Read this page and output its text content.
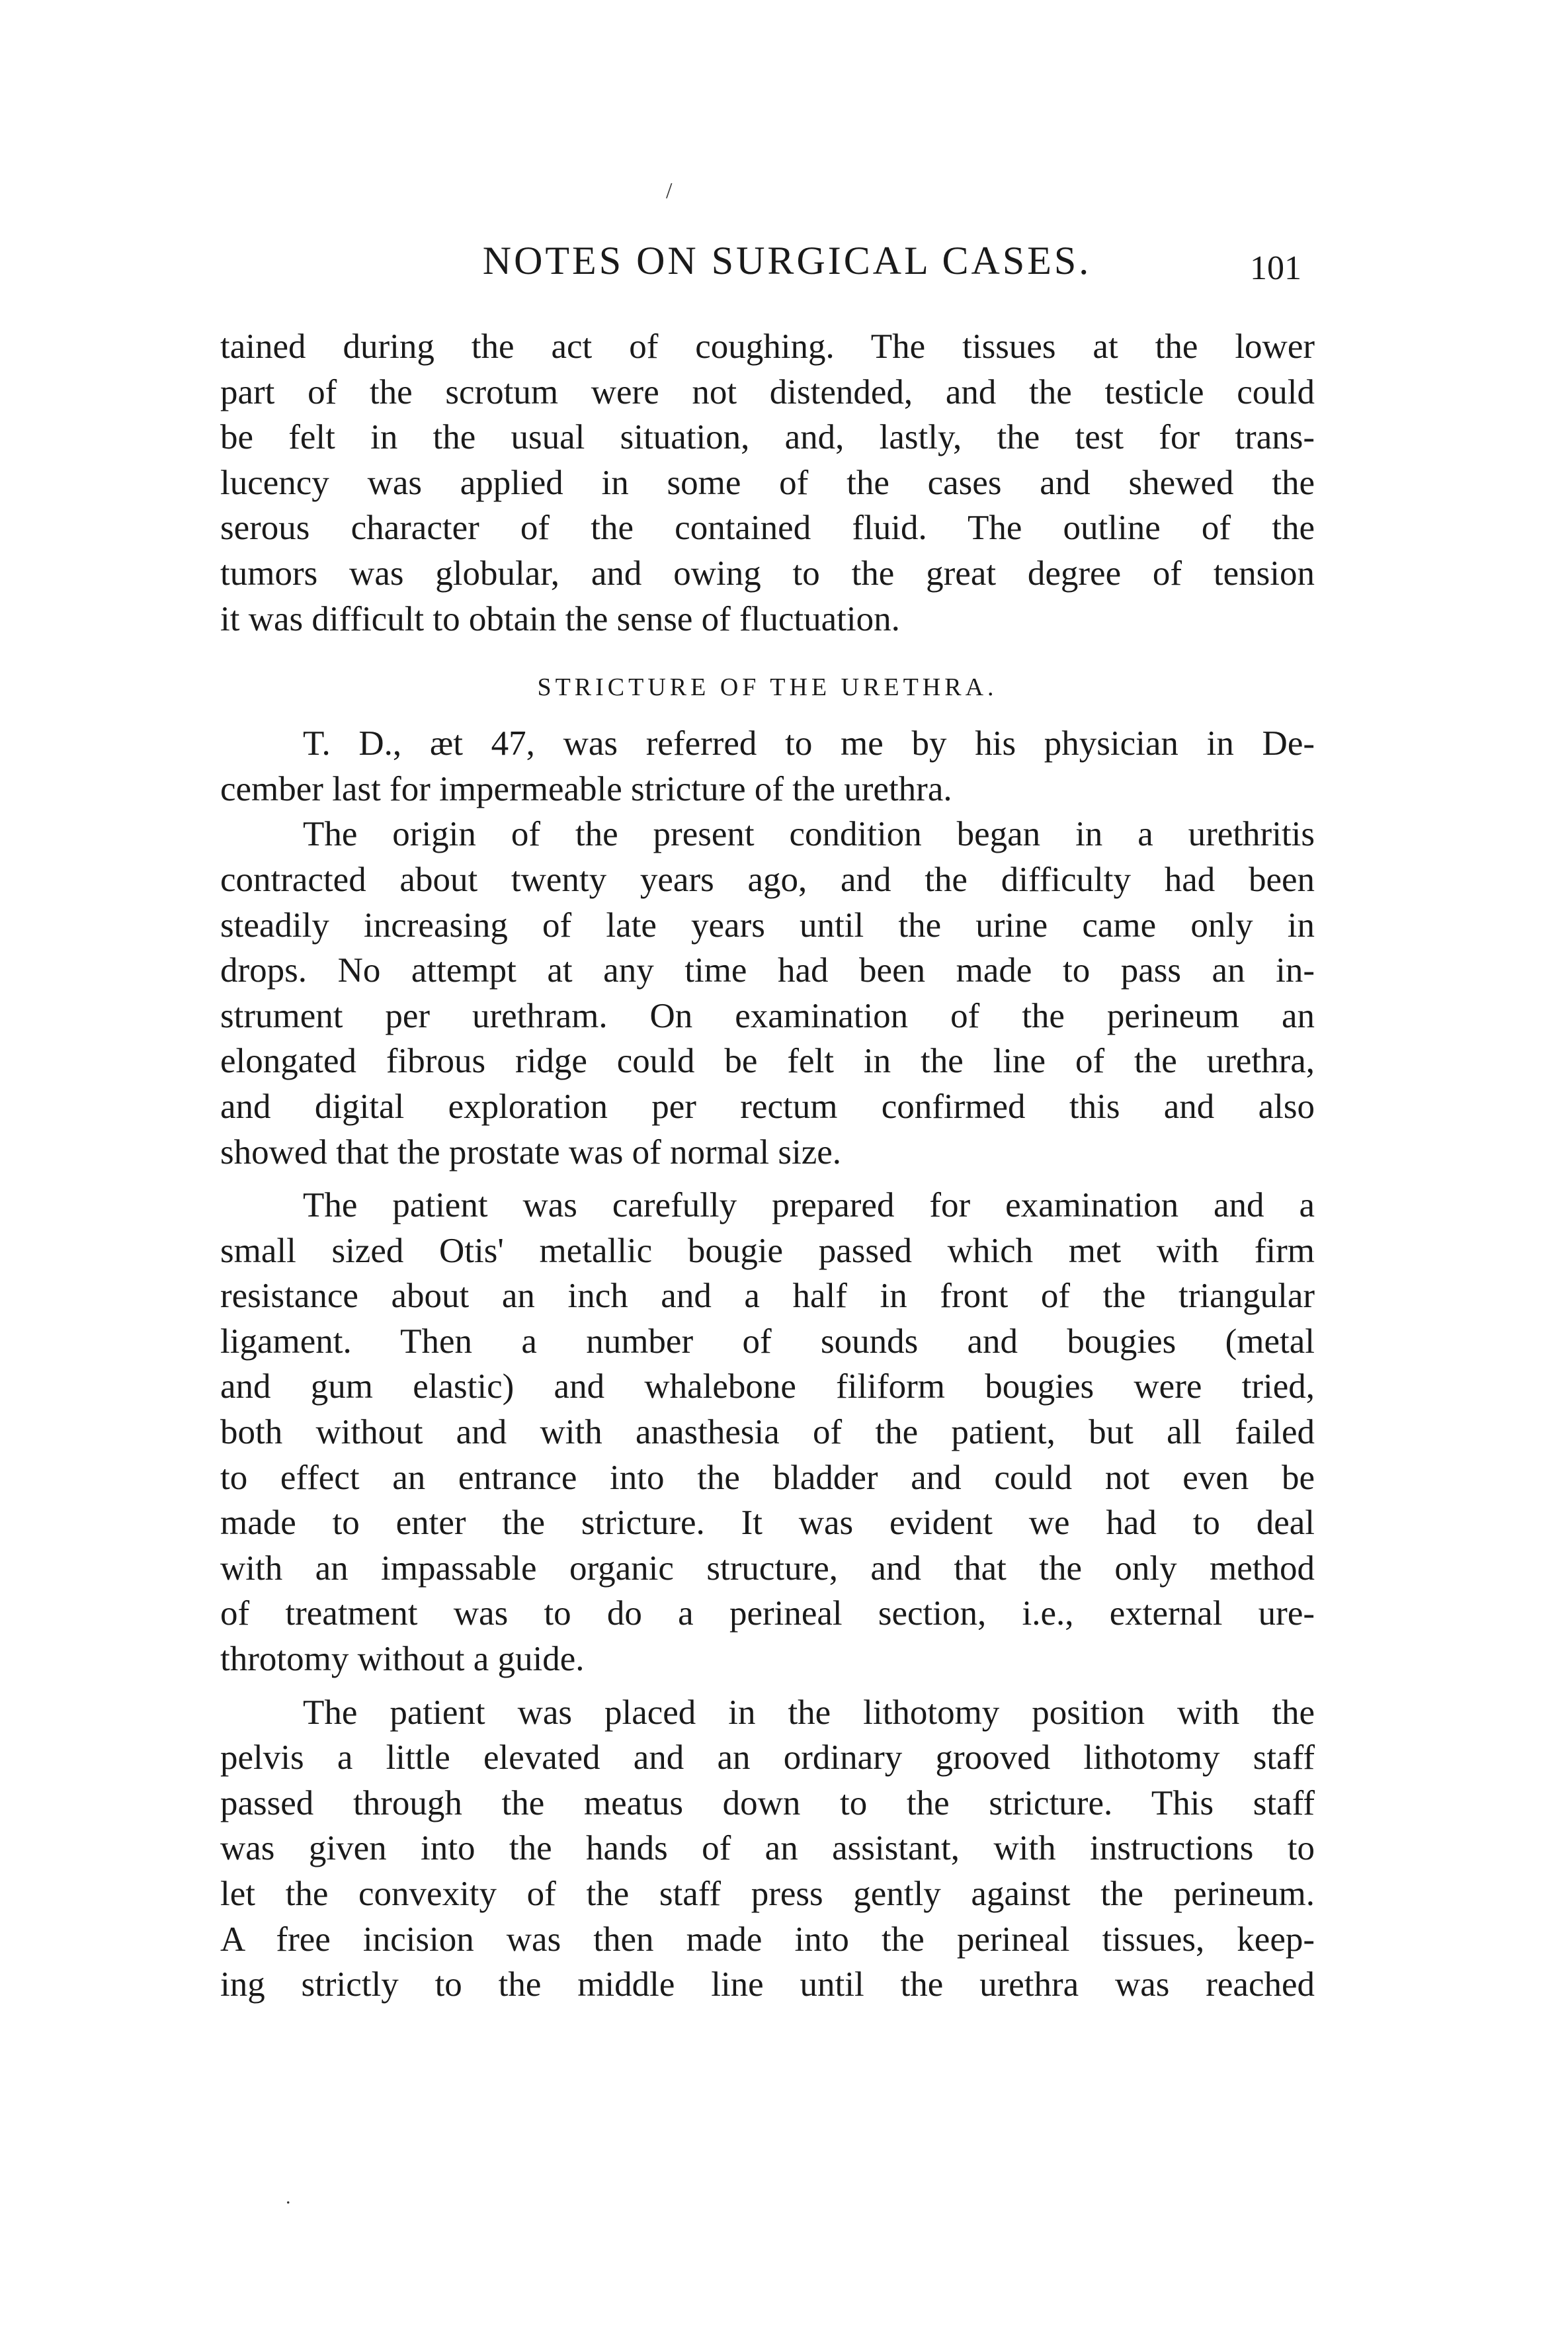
/
NOTES ON SURGICAL CASES.	101
tained during the act of coughing. The tissues at the lower
part of the scrotum were not distended, and the testicle could
be felt in the usual situation, and, lastly, the test for trans-
lucency was applied in some of the cases and shewed the
serous character of the contained fluid. The outline of the
tumors was globular, and owing to the great degree of tension
it was difficult to obtain the sense of fluctuation.
STRICTURE OF THE URETHRA.
T. D., æt 47, was referred to me by his physician in De-
cember last for impermeable stricture of the urethra.
The origin of the present condition began in a urethritis
contracted about twenty years ago, and the difficulty had been
steadily increasing of late years until the urine came only in
drops. No attempt at any time had been made to pass an in-
strument per urethram. On examination of the perineum an
elongated fibrous ridge could be felt in the line of the urethra,
and digital exploration per rectum confirmed this and also
showed that the prostate was of normal size.
The patient was carefully prepared for examination and a
small sized Otis' metallic bougie passed which met with firm
resistance about an inch and a half in front of the triangular
ligament. Then a number of sounds and bougies (metal
and gum elastic) and whalebone filiform bougies were tried,
both without and with anasthesia of the patient, but all failed
to effect an entrance into the bladder and could not even be
made to enter the stricture. It was evident we had to deal
with an impassable organic structure, and that the only method
of treatment was to do a perineal section, i.e., external ure-
throtomy without a guide.
The patient was placed in the lithotomy position with the
pelvis a little elevated and an ordinary grooved lithotomy staff
passed through the meatus down to the stricture. This staff
was given into the hands of an assistant, with instructions to
let the convexity of the staff press gently against the perineum.
A free incision was then made into the perineal tissues, keep-
ing strictly to the middle line until the urethra was reached
.
